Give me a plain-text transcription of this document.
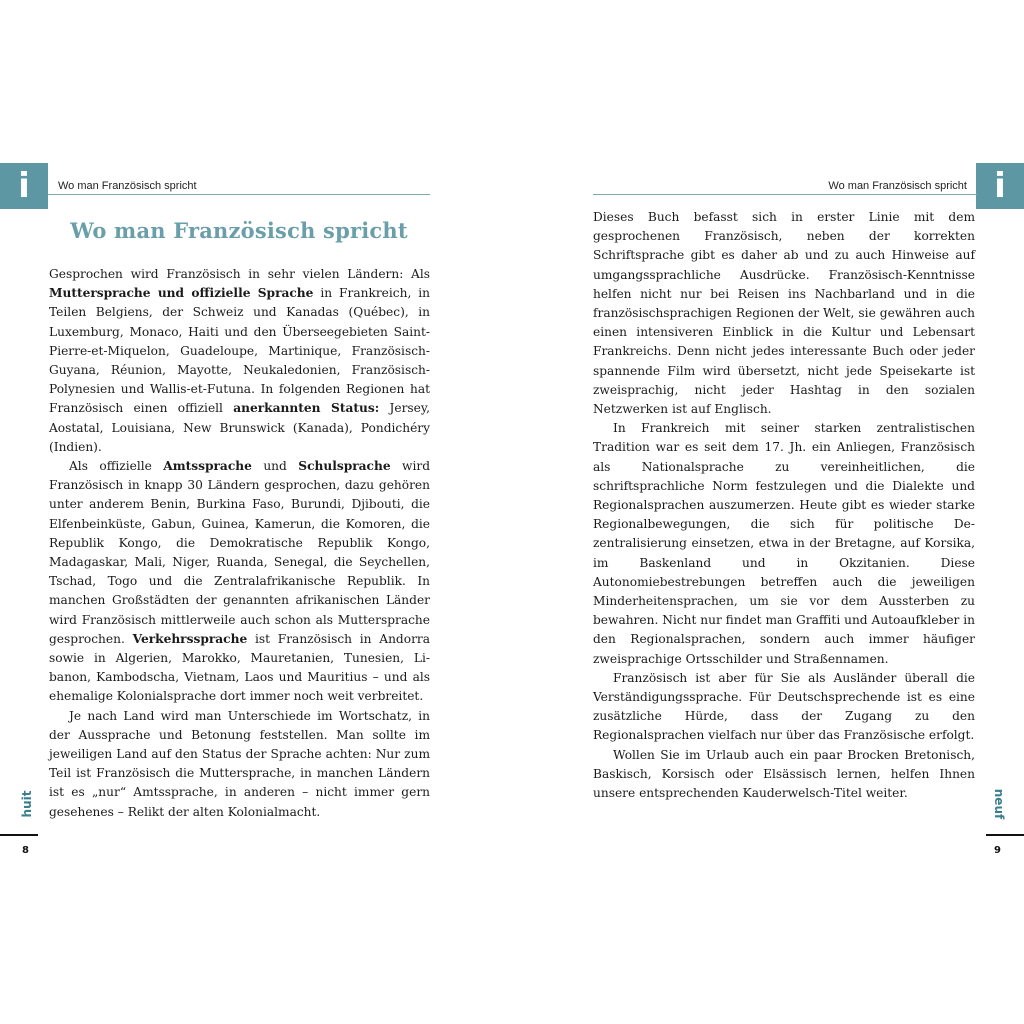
i	Wo man Französisch spricht	i
Wo man Französisch spricht
Wo man Französisch spricht

Gesprochen wird Französisch in sehr vielen Ländern: Als Muttersprache und offizielle Sprache in Frankreich, in Teilen Belgiens, der Schweiz und Kanadas (Québec), in Luxemburg, Monaco, Haiti und den Überseegebieten Saint-Pierre-et-Miquelon, Guadeloupe, Martinique, Französisch-Guyana, Réunion, Mayotte, Neukaledonien, Französisch-Polynesien und Wallis-et-Futuna. In folgenden Regionen hat Französisch einen offiziell anerkannten Status: Jersey, Aostatal, Louisiana, New Brunswick (Kanada), Pondichéry (Indien).

Als offizielle Amtssprache und Schulsprache wird Französisch in knapp 30 Ländern gesprochen, dazu gehören unter anderem Benin, Burkina Faso, Burundi, Djibouti, die Elfenbeinküste, Gabun, Guinea, Kamerun, die Komoren, die Republik Kongo, die Demokratische Republik Kongo, Madagaskar, Mali, Niger, Ruanda, Senegal, die Seychellen, Tschad, Togo und die Zentralafrikanische Republik. In manchen Großstädten der genannten afrikanischen Länder wird Französisch mittlerweile auch schon als Muttersprache gesprochen. Verkehrssprache ist Französisch in Andorra sowie in Algerien, Marokko, Mauretanien, Tunesien, Libanon, Kambodscha, Vietnam, Laos und Mauritius – und als ehemalige Kolonialsprache dort immer noch weit verbreitet.

Je nach Land wird man Unterschiede im Wortschatz, in der Aussprache und Betonung feststellen. Man sollte im jeweiligen Land auf den Status der Sprache achten: Nur zum Teil ist Französisch die Muttersprache, in manchen Ländern ist es „nur“ Amtssprache, in anderen – nicht immer gern gesehenes – Relikt der alten Kolonialmacht.

Dieses Buch befasst sich in erster Linie mit dem gesprochenen Französisch, neben der korrekten Schriftsprache gibt es daher ab und zu auch Hinweise auf umgangssprachliche Ausdrücke. Französisch-Kenntnisse helfen nicht nur bei Reisen ins Nachbarland und in die französischsprachigen Regionen der Welt, sie gewähren auch einen intensiveren Einblick in die Kultur und Lebensart Frankreichs. Denn nicht jedes interessante Buch oder jeder spannende Film wird übersetzt, nicht jede Speisekarte ist zweisprachig, nicht jeder Hashtag in den sozialen Netzwerken ist auf Englisch.

In Frankreich mit seiner starken zentralistischen Tradition war es seit dem 17. Jh. ein Anliegen, Französisch als Nationalsprache zu vereinheitlichen, die schriftsprachliche Norm festzulegen und die Dialekte und Regionalsprachen auszumerzen. Heute gibt es wieder starke Regionalbewegungen, die sich für politische Dezentralisierung einsetzen, etwa in der Bretagne, auf Korsika, im Baskenland und in Okzitanien. Diese Autonomiebestrebungen betreffen auch die jeweiligen Minderheitensprachen, um sie vor dem Aussterben zu bewahren. Nicht nur findet man Graffiti und Autoaufkleber in den Regionalsprachen, sondern auch immer häufiger zweisprachige Ortsschilder und Straßennamen.

Französisch ist aber für Sie als Ausländer überall die Verständigungssprache. Für Deutschsprechende ist es eine zusätzliche Hürde, dass der Zugang zu den Regionalsprachen vielfach nur über das Französische erfolgt.

Wollen Sie im Urlaub auch ein paar Brocken Bretonisch, Baskisch, Korsisch oder Elsässisch lernen, helfen Ihnen unsere entsprechenden Kauderwelsch-Titel weiter.

huit
8
neuf
9
